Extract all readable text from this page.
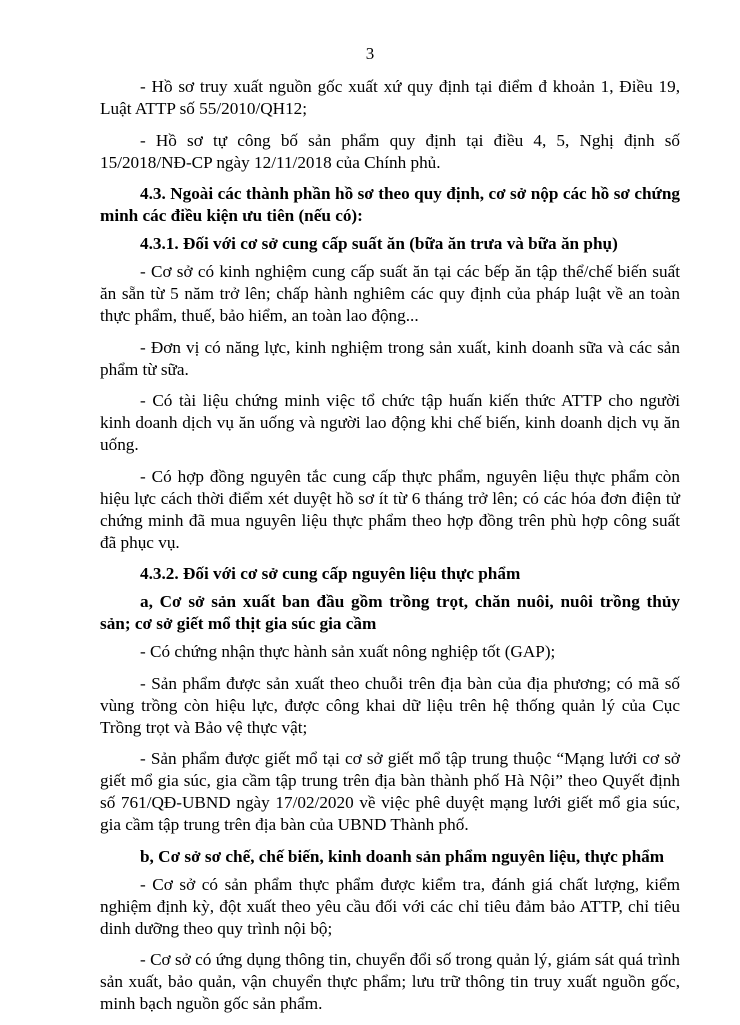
3

- Hồ sơ truy xuất nguồn gốc xuất xứ quy định tại điểm đ khoản 1, Điều 19, Luật ATTP số 55/2010/QH12;

- Hồ sơ tự công bố sản phẩm quy định tại điều 4, 5, Nghị định số 15/2018/NĐ-CP ngày 12/11/2018 của Chính phủ.

4.3. Ngoài các thành phần hồ sơ theo quy định, cơ sở nộp các hồ sơ chứng minh các điều kiện ưu tiên (nếu có):

4.3.1. Đối với cơ sở cung cấp suất ăn (bữa ăn trưa và bữa ăn phụ)

- Cơ sở có kinh nghiệm cung cấp suất ăn tại các bếp ăn tập thể/chế biến suất ăn sẵn từ 5 năm trở lên; chấp hành nghiêm các quy định của pháp luật về an toàn thực phẩm, thuế, bảo hiểm, an toàn lao động...

- Đơn vị có năng lực, kinh nghiệm trong sản xuất, kinh doanh sữa và các sản phẩm từ sữa.

- Có tài liệu chứng minh việc tổ chức tập huấn kiến thức ATTP cho người kinh doanh dịch vụ ăn uống và người lao động khi chế biến, kinh doanh dịch vụ ăn uống.

- Có hợp đồng nguyên tắc cung cấp thực phẩm, nguyên liệu thực phẩm còn hiệu lực cách thời điểm xét duyệt hồ sơ ít từ 6 tháng trở lên; có các hóa đơn điện tử chứng minh đã mua nguyên liệu thực phẩm theo hợp đồng trên phù hợp công suất đã phục vụ.

4.3.2. Đối với cơ sở cung cấp nguyên liệu thực phẩm

a, Cơ sở sản xuất ban đầu gồm trồng trọt, chăn nuôi, nuôi trồng thủy sản; cơ sở giết mổ thịt gia súc gia cầm

- Có chứng nhận thực hành sản xuất nông nghiệp tốt (GAP);

- Sản phẩm được sản xuất theo chuỗi trên địa bàn của địa phương; có mã số vùng trồng còn hiệu lực, được công khai dữ liệu trên hệ thống quản lý của Cục Trồng trọt và Bảo vệ thực vật;

- Sản phẩm được giết mổ tại cơ sở giết mổ tập trung thuộc “Mạng lưới cơ sở giết mổ gia súc, gia cầm tập trung trên địa bàn thành phố Hà Nội” theo Quyết định số 761/QĐ-UBND ngày 17/02/2020 về việc phê duyệt mạng lưới giết mổ gia súc, gia cầm tập trung trên địa bàn của UBND Thành phố.

b, Cơ sở sơ chế, chế biến, kinh doanh sản phẩm nguyên liệu, thực phẩm

- Cơ sở có sản phẩm thực phẩm được kiểm tra, đánh giá chất lượng, kiểm nghiệm định kỳ, đột xuất theo yêu cầu đối với các chỉ tiêu đảm bảo ATTP, chỉ tiêu dinh dưỡng theo quy trình nội bộ;

- Cơ sở có ứng dụng thông tin, chuyển đổi số trong quản lý, giám sát quá trình sản xuất, bảo quản, vận chuyển thực phẩm; lưu trữ thông tin truy xuất nguồn gốc, minh bạch nguồn gốc sản phẩm.
